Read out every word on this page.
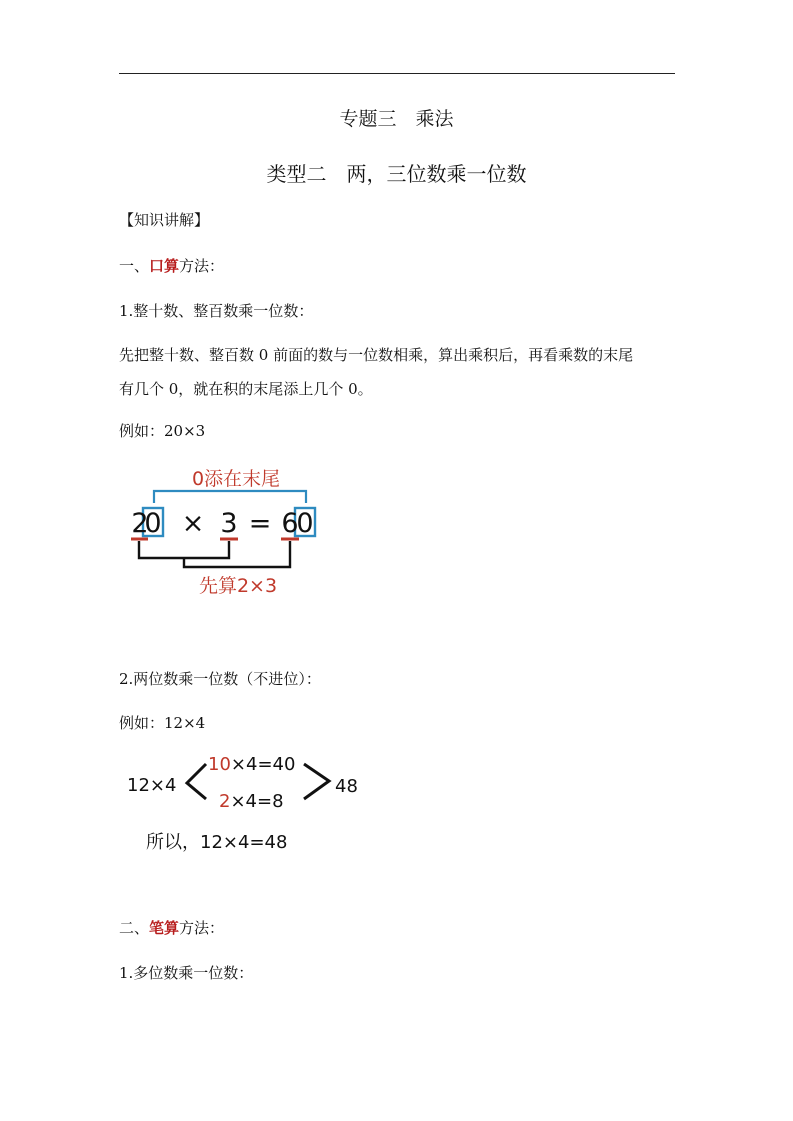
专题三　乘法
类型二　两，三位数乘一位数
【知识讲解】
一、口算方法：
1.整十数、整百数乘一位数：
先把整十数、整百数 0 前面的数与一位数相乘，算出乘积后，再看乘数的末尾
有几个 0，就在积的末尾添上几个 0。
例如：20×3
0添在末尾
2
0 × 3 = 6
0
先算2×3
2.两位数乘一位数（不进位）：
例如：12×4
12×4
10×4=40
2×4=8
48
所以，12×4=48
二、笔算方法：
1.多位数乘一位数：
